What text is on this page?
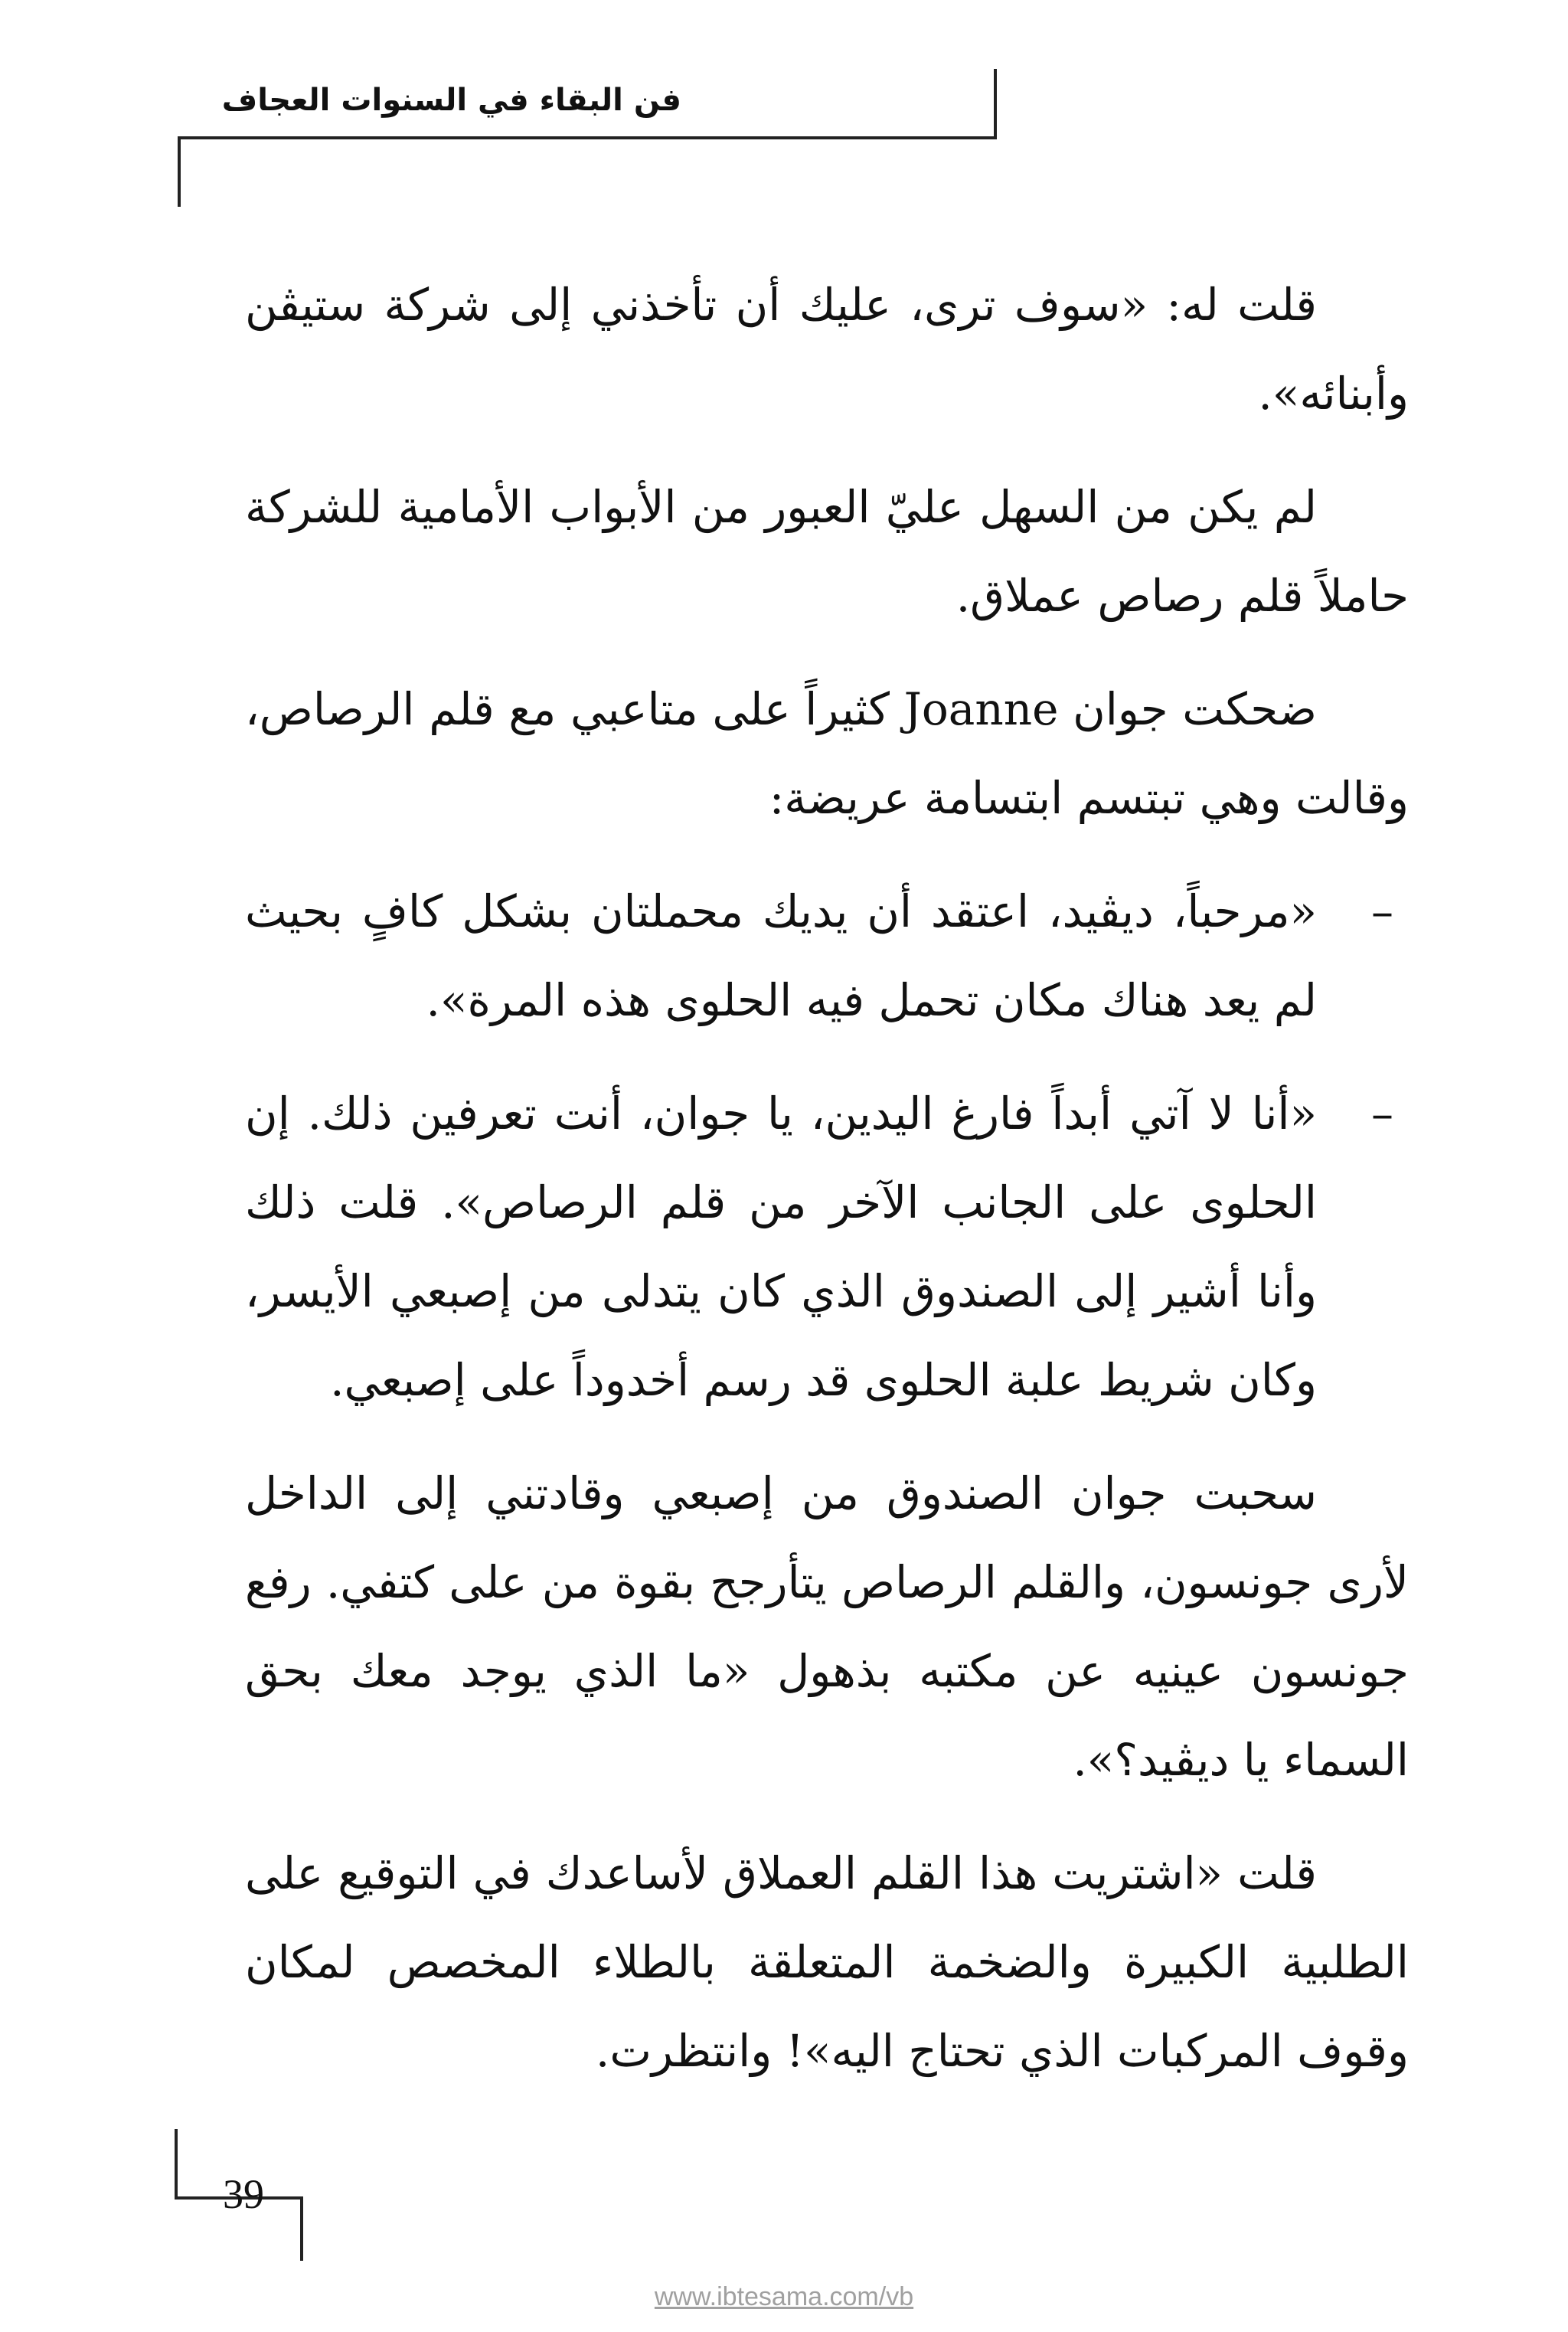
فن البقاء في السنوات العجاف

قلت له: «سوف ترى، عليك أن تأخذني إلى شركة ستيڤن وأبنائه».

لم يكن من السهل عليّ العبور من الأبواب الأمامية للشركة حاملاً قلم رصاص عملاق.

ضحكت جوان Joanne كثيراً على متاعبي مع قلم الرصاص، وقالت وهي تبتسم ابتسامة عريضة:

–
«مرحباً، ديڤيد، اعتقد أن يديك محملتان بشكل كافٍ بحيث لم يعد هناك مكان تحمل فيه الحلوى هذه المرة».

–
«أنا لا آتي أبداً فارغ اليدين، يا جوان، أنت تعرفين ذلك. إن الحلوى على الجانب الآخر من قلم الرصاص». قلت ذلك وأنا أشير إلى الصندوق الذي كان يتدلى من إصبعي الأيسر، وكان شريط علبة الحلوى قد رسم أخدوداً على إصبعي.

سحبت جوان الصندوق من إصبعي وقادتني إلى الداخل لأرى جونسون، والقلم الرصاص يتأرجح بقوة من على كتفي. رفع جونسون عينيه عن مكتبه بذهول «ما الذي يوجد معك بحق السماء يا ديڤيد؟».

قلت «اشتريت هذا القلم العملاق لأساعدك في التوقيع على الطلبية الكبيرة والضخمة المتعلقة بالطلاء المخصص لمكان وقوف المركبات الذي تحتاج اليه»! وانتظرت.

39
www.ibtesama.com/vb
